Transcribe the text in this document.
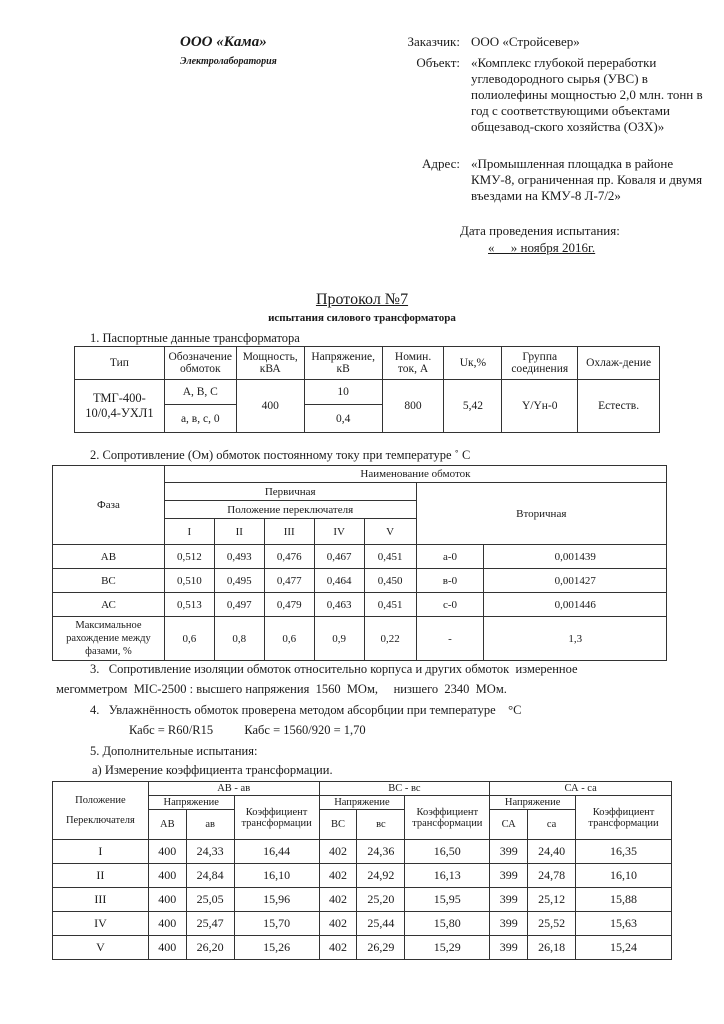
ООО «Кама»
Электролаборатория
Заказчик: ООО «Стройсевер»
Объект: «Комплекс глубокой переработки углеводородного сырья (УВС) в полиолефины мощностью 2,0 млн. тонн в год с соответствующими объектами общезавод-ского хозяйства (ОЗХ)»
Адрес: «Промышленная площадка в районе КМУ-8, ограниченная пр. Коваля и двумя въездами на КМУ-8 Л-7/2»
Дата проведения испытания:
«     » ноября 2016г.
Протокол №7
испытания силового трансформатора
1. Паспортные данные трансформатора
Тип	Обозначение обмоток	Мощность, кВА	Напряжение, кВ	Номин. ток, А	Uк,%	Группа соединения	Охлаж-дение
ТМГ-400-10/0,4-УХЛ1	А, В, С	400	10	800	5,42	Y/Yн-0	Естеств.
	а, в, с, 0		0,4				
2. Сопротивление (Ом) обмоток постоянному току при температуре ˚ С
Фаза	Наименование обмоток						
	Первичная					Вторичная	
	Положение переключателя						
	I	II	III	IV	V		
АВ	0,512	0,493	0,476	0,467	0,451	а-0	0,001439
ВС	0,510	0,495	0,477	0,464	0,450	в-0	0,001427
АС	0,513	0,497	0,479	0,463	0,451	с-0	0,001446
Максимальное рахождение между фазами, %	0,6	0,8	0,6	0,9	0,22	-	1,3
3.   Сопротивление изоляции обмоток относительно корпуса и других обмоток  измеренное
мегомметром  MIC-2500 : высшего напряжения  1560  МОм,     низшего  2340  МОм.
4.   Увлажнённость обмоток проверена методом абсорбции при температуре    °С
Кабс = R60/R15          Кабс = 1560/920 = 1,70
5. Дополнительные испытания:
а) Измерение коэффициента трансформации.
Положение Переключателя	АВ - ав			ВС - вс			СА - са		
	Напряжение		Коэффициент трансформации	Напряжение		Коэффициент трансформации	Напряжение		Коэффициент трансформации
	АВ	ав		ВС	вс		СА	са	
I	400	24,33	16,44	402	24,36	16,50	399	24,40	16,35
II	400	24,84	16,10	402	24,92	16,13	399	24,78	16,10
III	400	25,05	15,96	402	25,20	15,95	399	25,12	15,88
IV	400	25,47	15,70	402	25,44	15,80	399	25,52	15,63
V	400	26,20	15,26	402	26,29	15,29	399	26,18	15,24
